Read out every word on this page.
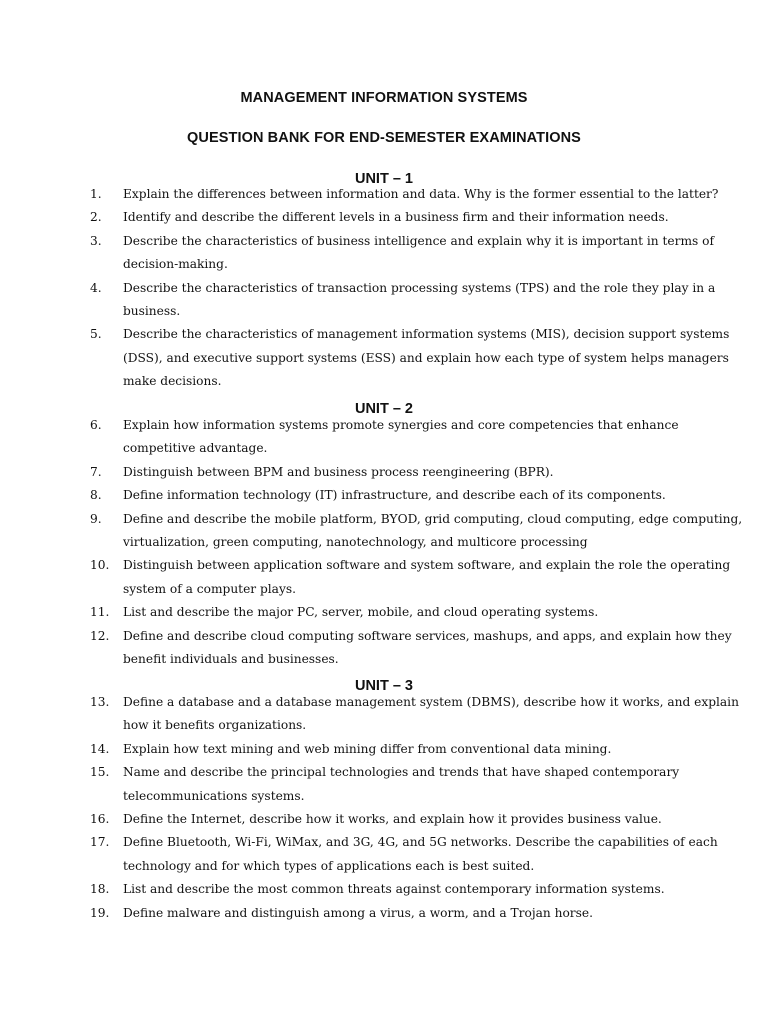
MANAGEMENT INFORMATION SYSTEMS
QUESTION BANK FOR END-SEMESTER EXAMINATIONS
UNIT – 1
1.	Explain the differences between information and data. Why is the former essential to the latter?
2.	Identify and describe the different levels in a business firm and their information needs.
3.	Describe the characteristics of business intelligence and explain why it is important in terms of
decision-making.
4.	Describe the characteristics of transaction processing systems (TPS) and the role they play in a
business.
5.	Describe the characteristics of management information systems (MIS), decision support systems
(DSS), and executive support systems (ESS) and explain how each type of system helps managers
make decisions.
UNIT – 2
6.	Explain how information systems promote synergies and core competencies that enhance
competitive advantage.
7.	Distinguish between BPM and business process reengineering (BPR).
8.	Define information technology (IT) infrastructure, and describe each of its components.
9.	Define and describe the mobile platform, BYOD, grid computing, cloud computing, edge computing,
virtualization, green computing, nanotechnology, and multicore processing
10.	Distinguish between application software and system software, and explain the role the operating
system of a computer plays.
11.	List and describe the major PC, server, mobile, and cloud operating systems.
12.	Define and describe cloud computing software services, mashups, and apps, and explain how they
benefit individuals and businesses.
UNIT – 3
13.	Define a database and a database management system (DBMS), describe how it works, and explain
how it benefits organizations.
14.	Explain how text mining and web mining differ from conventional data mining.
15.	Name and describe the principal technologies and trends that have shaped contemporary
telecommunications systems.
16.	Define the Internet, describe how it works, and explain how it provides business value.
17.	Define Bluetooth, Wi-Fi, WiMax, and 3G, 4G, and 5G networks. Describe the capabilities of each
technology and for which types of applications each is best suited.
18.	List and describe the most common threats against contemporary information systems.
19.	Define malware and distinguish among a virus, a worm, and a Trojan horse.
